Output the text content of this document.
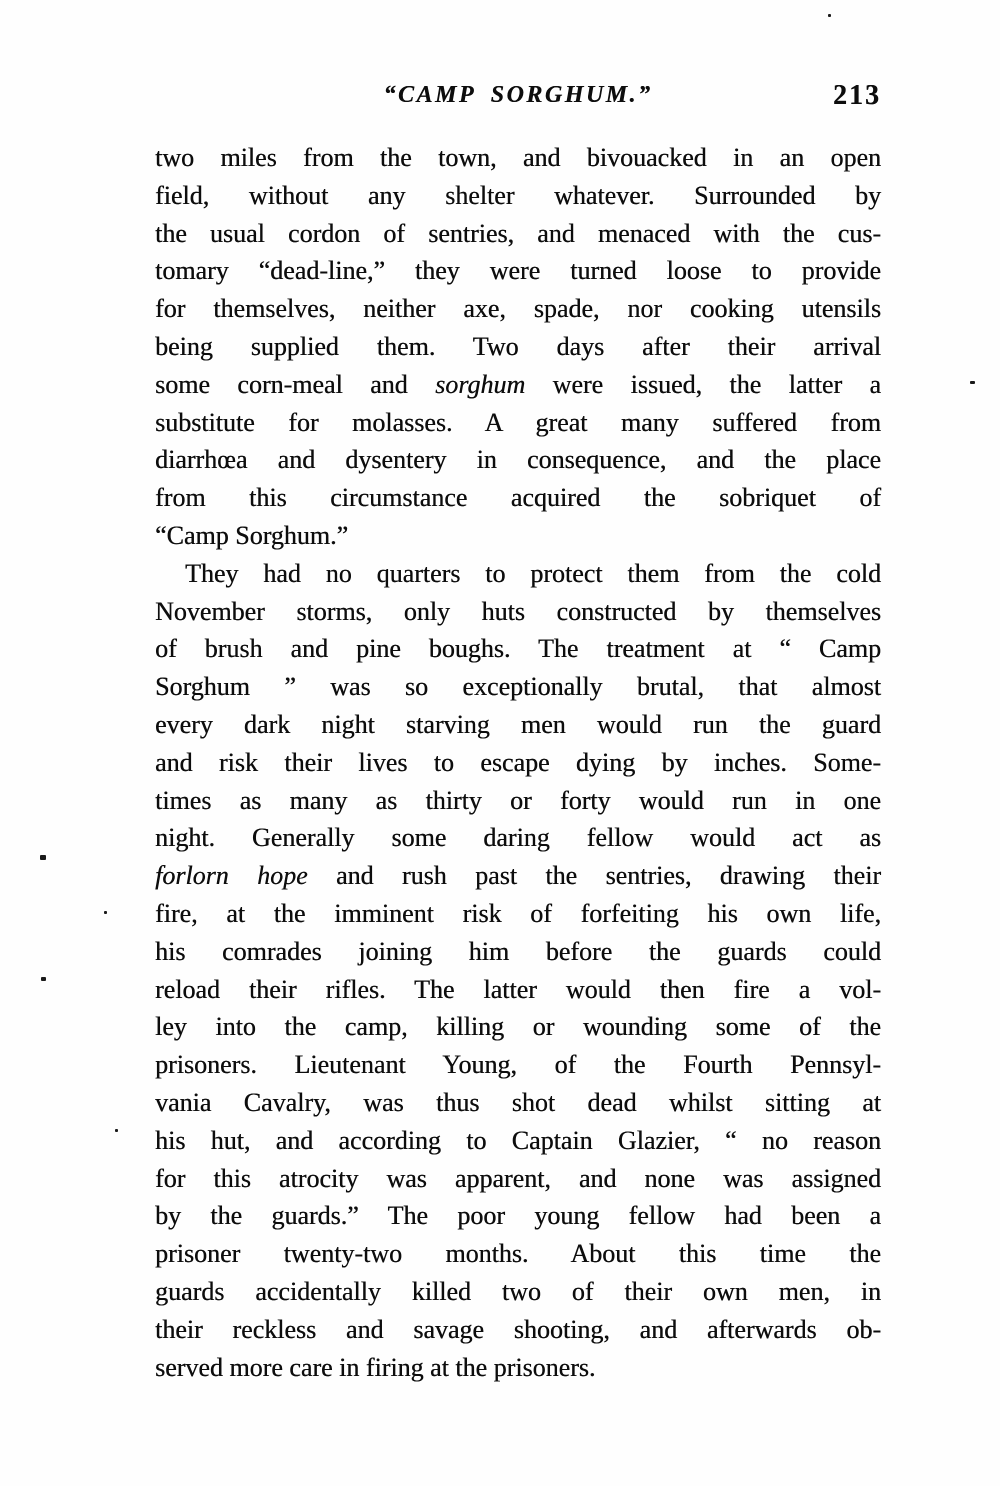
“CAMP SORGHUM.”	213
two miles from the town, and bivouacked in an open
field, without any shelter whatever. Surrounded by
the usual cordon of sentries, and menaced with the cus-
tomary “dead-line,” they were turned loose to provide
for themselves, neither axe, spade, nor cooking utensils
being supplied them. Two days after their arrival
some corn-meal and sorghum were issued, the latter a
substitute for molasses. A great many suffered from
diarrhœa and dysentery in consequence, and the place
from this circumstance acquired the sobriquet of
“Camp Sorghum.”
They had no quarters to protect them from the cold
November storms, only huts constructed by themselves
of brush and pine boughs. The treatment at “ Camp
Sorghum ” was so exceptionally brutal, that almost
every dark night starving men would run the guard
and risk their lives to escape dying by inches. Some-
times as many as thirty or forty would run in one
night. Generally some daring fellow would act as
forlorn hope and rush past the sentries, drawing their
fire, at the imminent risk of forfeiting his own life,
his comrades joining him before the guards could
reload their rifles. The latter would then fire a vol-
ley into the camp, killing or wounding some of the
prisoners. Lieutenant Young, of the Fourth Pennsyl-
vania Cavalry, was thus shot dead whilst sitting at
his hut, and according to Captain Glazier, “ no reason
for this atrocity was apparent, and none was assigned
by the guards.” The poor young fellow had been a
prisoner twenty-two months. About this time the
guards accidentally killed two of their own men, in
their reckless and savage shooting, and afterwards ob-
served more care in firing at the prisoners.
